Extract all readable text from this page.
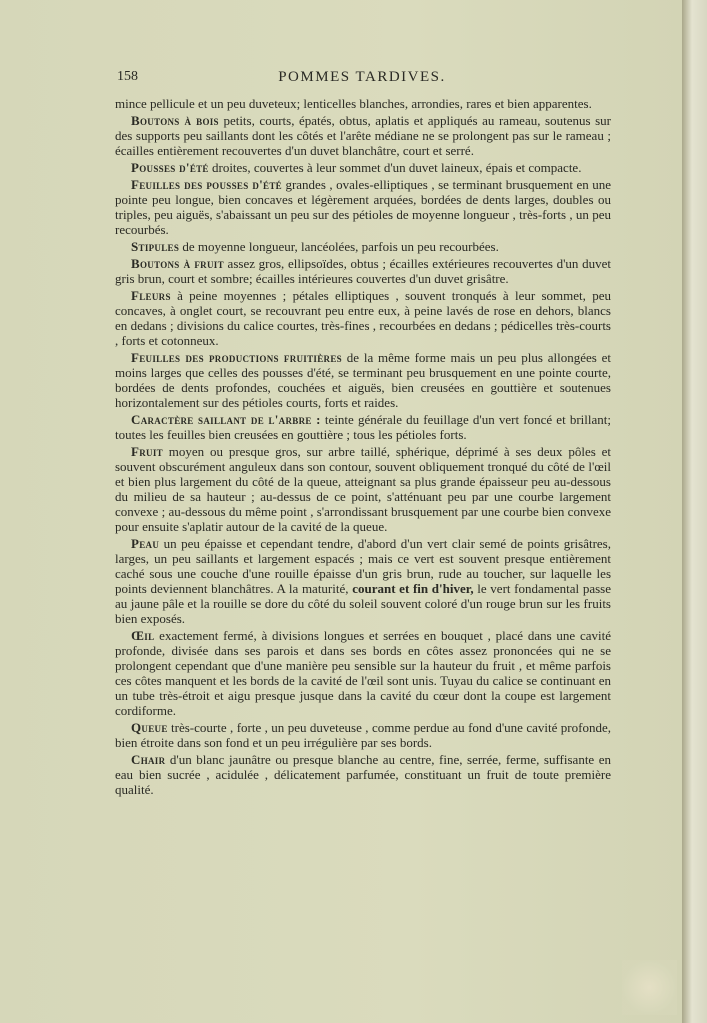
158	POMMES TARDIVES.

mince pellicule et un peu duveteux; lenticelles blanches, arrondies, rares et bien apparentes.

Boutons à bois petits, courts, épatés, obtus, aplatis et appliqués au rameau, soutenus sur des supports peu saillants dont les côtés et l'arête médiane ne se prolongent pas sur le rameau ; écailles entièrement recouvertes d'un duvet blanchâtre, court et serré.

Pousses d'été droites, couvertes à leur sommet d'un duvet laineux, épais et compacte.

Feuilles des pousses d'été grandes , ovales-elliptiques , se terminant brusquement en une pointe peu longue, bien concaves et légèrement arquées, bordées de dents larges, doubles ou triples, peu aiguës, s'abaissant un peu sur des pétioles de moyenne longueur , très-forts , un peu recourbés.

Stipules de moyenne longueur, lancéolées, parfois un peu recourbées.

Boutons à fruit assez gros, ellipsoïdes, obtus ; écailles extérieures recouvertes d'un duvet gris brun, court et sombre; écailles intérieures couvertes d'un duvet grisâtre.

Fleurs à peine moyennes ; pétales elliptiques , souvent tronqués à leur sommet, peu concaves, à onglet court, se recouvrant peu entre eux, à peine lavés de rose en dehors, blancs en dedans ; divisions du calice courtes, très-fines , recourbées en dedans ; pédicelles très-courts , forts et cotonneux.

Feuilles des productions fruitières de la même forme mais un peu plus allongées et moins larges que celles des pousses d'été, se terminant peu brusquement en une pointe courte, bordées de dents profondes, couchées et aiguës, bien creusées en gouttière et soutenues horizontalement sur des pétioles courts, forts et raides.

Caractère saillant de l'arbre : teinte générale du feuillage d'un vert foncé et brillant; toutes les feuilles bien creusées en gouttière ; tous les pétioles forts.

Fruit moyen ou presque gros, sur arbre taillé, sphérique, déprimé à ses deux pôles et souvent obscurément anguleux dans son contour, souvent obliquement tronqué du côté de l'œil et bien plus largement du côté de la queue, atteignant sa plus grande épaisseur peu au-dessous du milieu de sa hauteur ; au-dessus de ce point, s'atténuant peu par une courbe largement convexe ; au-dessous du même point , s'arrondissant brusquement par une courbe bien convexe pour ensuite s'aplatir autour de la cavité de la queue.

Peau un peu épaisse et cependant tendre, d'abord d'un vert clair semé de points grisâtres, larges, un peu saillants et largement espacés ; mais ce vert est souvent presque entièrement caché sous une couche d'une rouille épaisse d'un gris brun, rude au toucher, sur laquelle les points deviennent blanchâtres. A la maturité, courant et fin d'hiver, le vert fondamental passe au jaune pâle et la rouille se dore du côté du soleil souvent coloré d'un rouge brun sur les fruits bien exposés.

Œil exactement fermé, à divisions longues et serrées en bouquet , placé dans une cavité profonde, divisée dans ses parois et dans ses bords en côtes assez prononcées qui ne se prolongent cependant que d'une manière peu sensible sur la hauteur du fruit , et même parfois ces côtes manquent et les bords de la cavité de l'œil sont unis. Tuyau du calice se continuant en un tube très-étroit et aigu presque jusque dans la cavité du cœur dont la coupe est largement cordiforme.

Queue très-courte , forte , un peu duveteuse , comme perdue au fond d'une cavité profonde, bien étroite dans son fond et un peu irrégulière par ses bords.

Chair d'un blanc jaunâtre ou presque blanche au centre, fine, serrée, ferme, suffisante en eau bien sucrée , acidulée , délicatement parfumée, constituant un fruit de toute première qualité.
